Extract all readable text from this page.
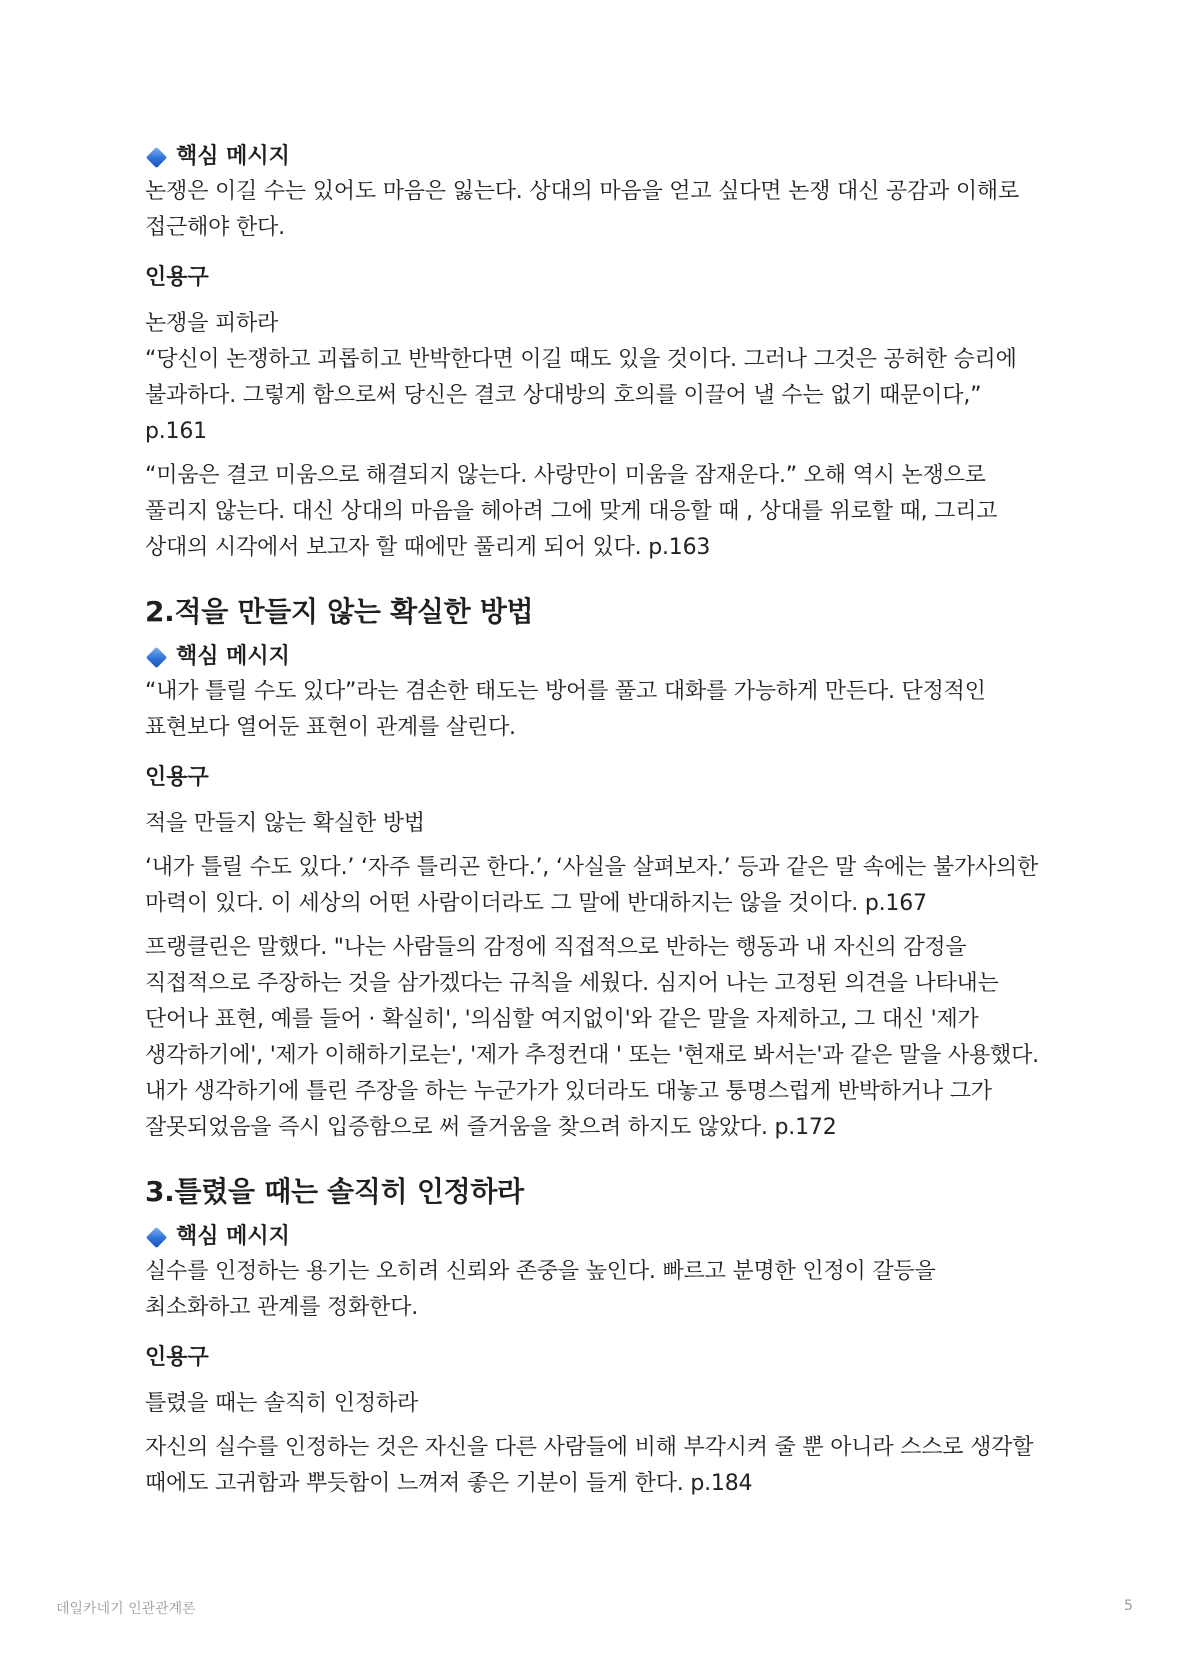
핵심 메시지

논쟁은 이길 수는 있어도 마음은 잃는다. 상대의 마음을 얻고 싶다면 논쟁 대신 공감과 이해로 접근해야 한다.

인용구

논쟁을 피하라

“당신이 논쟁하고 괴롭히고 반박한다면 이길 때도 있을 것이다. 그러나 그것은 공허한 승리에 불과하다. 그렇게 함으로써 당신은 결코 상대방의 호의를 이끌어 낼 수는 없기 때문이다,” p.161

“미움은 결코 미움으로 해결되지 않는다. 사랑만이 미움을 잠재운다.” 오해 역시 논쟁으로 풀리지 않는다. 대신 상대의 마음을 헤아려 그에 맞게 대응할 때 , 상대를 위로할 때, 그리고 상대의 시각에서 보고자 할 때에만 풀리게 되어 있다. p.163

2.적을 만들지 않는 확실한 방법
핵심 메시지

“내가 틀릴 수도 있다”라는 겸손한 태도는 방어를 풀고 대화를 가능하게 만든다. 단정적인 표현보다 열어둔 표현이 관계를 살린다.

인용구

적을 만들지 않는 확실한 방법

‘내가 틀릴 수도 있다.’ ‘자주 틀리곤 한다.’, ‘사실을 살펴보자.’ 등과 같은 말 속에는 불가사의한 마력이 있다. 이 세상의 어떤 사람이더라도 그 말에 반대하지는 않을 것이다. p.167

프랭클린은 말했다. "나는 사람들의 감정에 직접적으로 반하는 행동과 내 자신의 감정을 직접적으로 주장하는 것을 삼가겠다는 규칙을 세웠다. 심지어 나는 고정된 의견을 나타내는 단어나 표현, 예를 들어 · 확실히', '의심할 여지없이'와 같은 말을 자제하고, 그 대신 '제가 생각하기에', '제가 이해하기로는', '제가 추정컨대 ' 또는 '현재로 봐서는'과 같은 말을 사용했다. 내가 생각하기에 틀린 주장을 하는 누군가가 있더라도 대놓고 퉁명스럽게 반박하거나 그가 잘못되었음을 즉시 입증함으로 써 즐거움을 찾으려 하지도 않았다. p.172

3.틀렸을 때는 솔직히 인정하라
핵심 메시지

실수를 인정하는 용기는 오히려 신뢰와 존중을 높인다. 빠르고 분명한 인정이 갈등을 최소화하고 관계를 정화한다.

인용구

틀렸을 때는 솔직히 인정하라

자신의 실수를 인정하는 것은 자신을 다른 사람들에 비해 부각시켜 줄 뿐 아니라 스스로 생각할 때에도 고귀함과 뿌듯함이 느껴져 좋은 기분이 들게 한다. p.184

데일카네기 인관관계론	5
